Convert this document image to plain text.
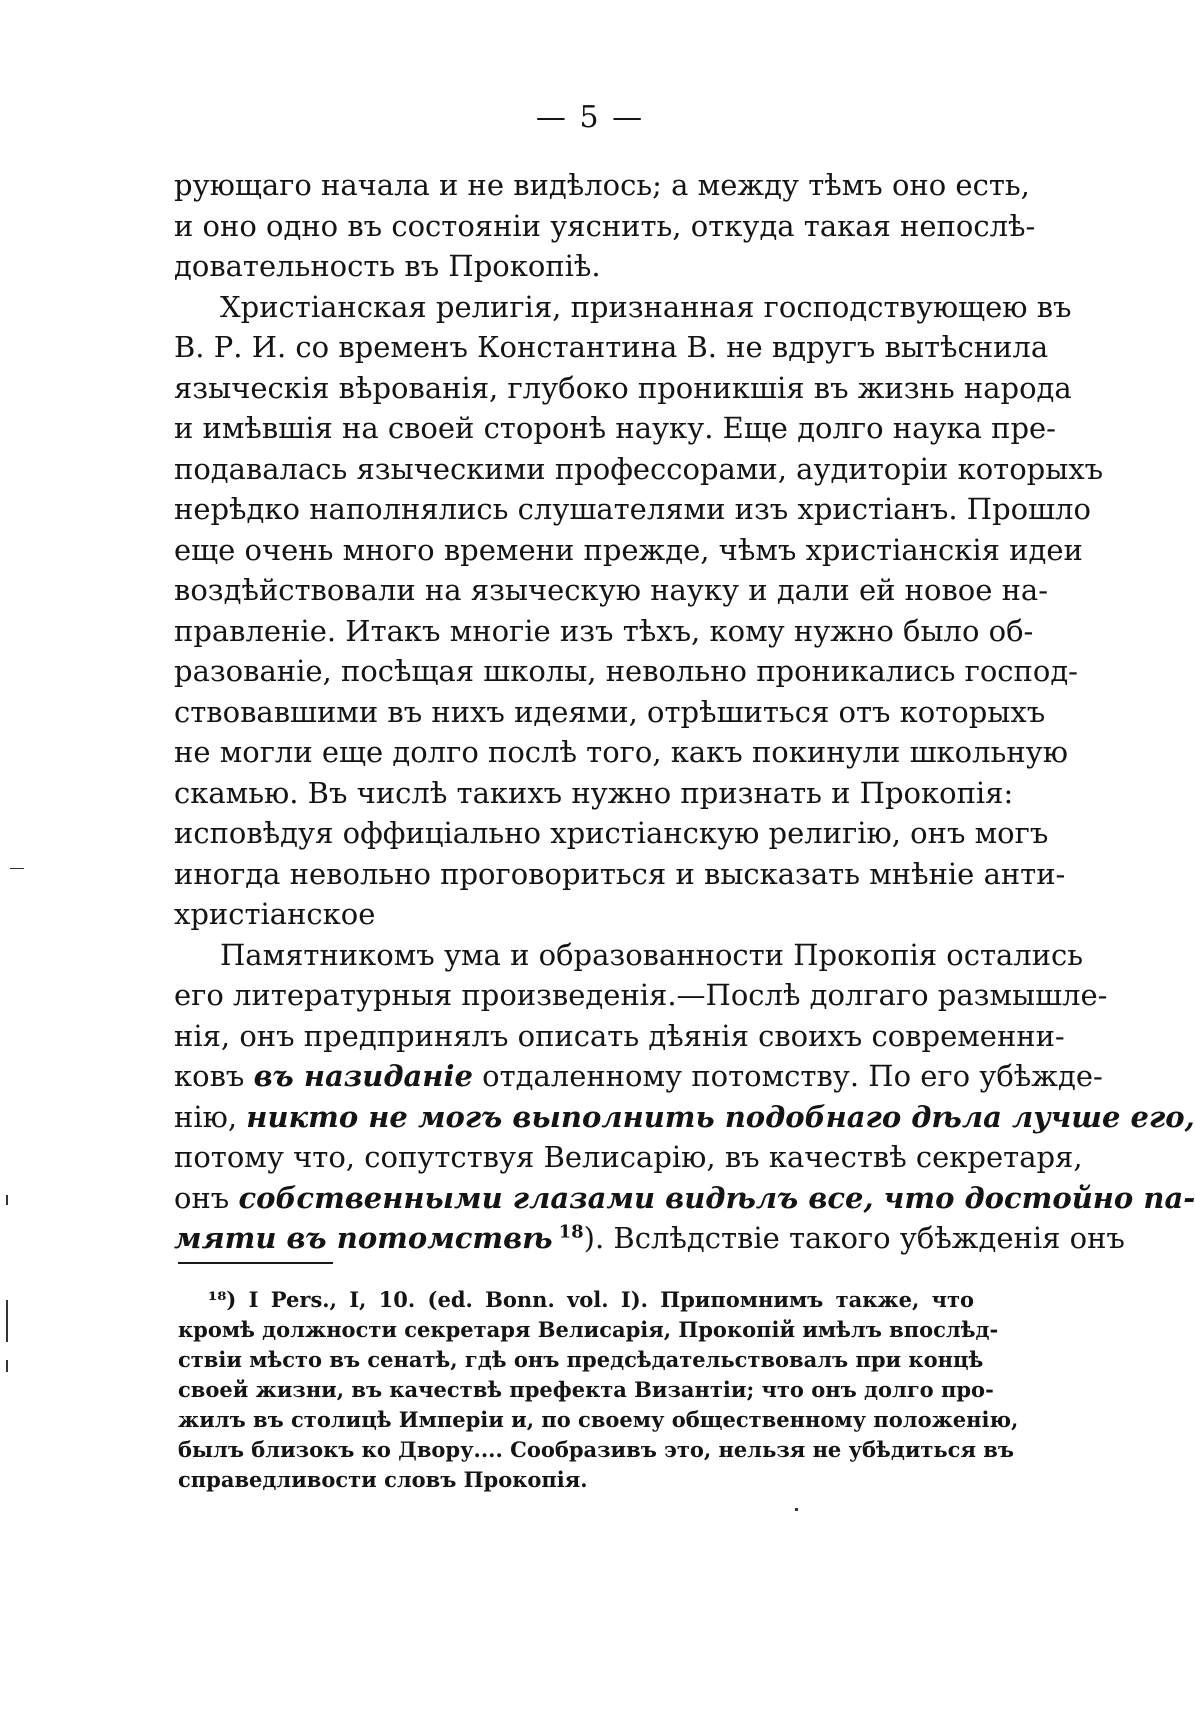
— 5 —
рующаго начала и не видѣлось; а между тѣмъ оно есть,
и оно одно въ состояніи уяснить, откуда такая непослѣ-
довательность въ Прокопіѣ.
Христіанская религія, признанная господствующею въ
В. Р. И. со временъ Константина В. не вдругъ вытѣснила
языческія вѣрованія, глубоко проникшія въ жизнь народа
и имѣвшія на своей сторонѣ науку. Еще долго наука пре-
подавалась языческими профессорами, аудиторіи которыхъ
нерѣдко наполнялись слушателями изъ христіанъ. Прошло
еще очень много времени прежде, чѣмъ христіанскія идеи
воздѣйствовали на языческую науку и дали ей новое на-
правленіе. Итакъ многіе изъ тѣхъ, кому нужно было об-
разованіе, посѣщая школы, невольно проникались господ-
ствовавшими въ нихъ идеями, отрѣшиться отъ которыхъ
не могли еще долго послѣ того, какъ покинули школьную
скамью. Въ числѣ такихъ нужно признать и Прокопія:
исповѣдуя оффиціально христіанскую религію, онъ могъ
иногда невольно проговориться и высказать мнѣніе анти-
христіанское
Памятникомъ ума и образованности Прокопія остались
его литературныя произведенія.—Послѣ долгаго размышле-
нія, онъ предпринялъ описать дѣянія своихъ современни-
ковъ въ назиданіе отдаленному потомству. По его убѣжде-
нію, никто не могъ выполнить подобнаго дѣла лучше его,
потому что, сопутствуя Велисарію, въ качествѣ секретаря,
онъ собственными глазами видѣлъ все, что достойно па-
мяти въ потомствѣ $^{18}$). Вслѣдствіе такого убѣжденія онъ
¹⁸) I Pers., I, 10. (ed. Bonn. vol. I). Припомнимъ также, что
кромѣ должности секретаря Велисарія, Прокопій имѣлъ впослѣд-
ствіи мѣсто въ сенатѣ, гдѣ онъ предсѣдательствовалъ при концѣ
своей жизни, въ качествѣ префекта Византіи; что онъ долго про-
жилъ въ столицѣ Имперіи и, по своему общественному положенію,
былъ близокъ ко Двору.... Сообразивъ это, нельзя не убѣдиться въ
справедливости словъ Прокопія.
